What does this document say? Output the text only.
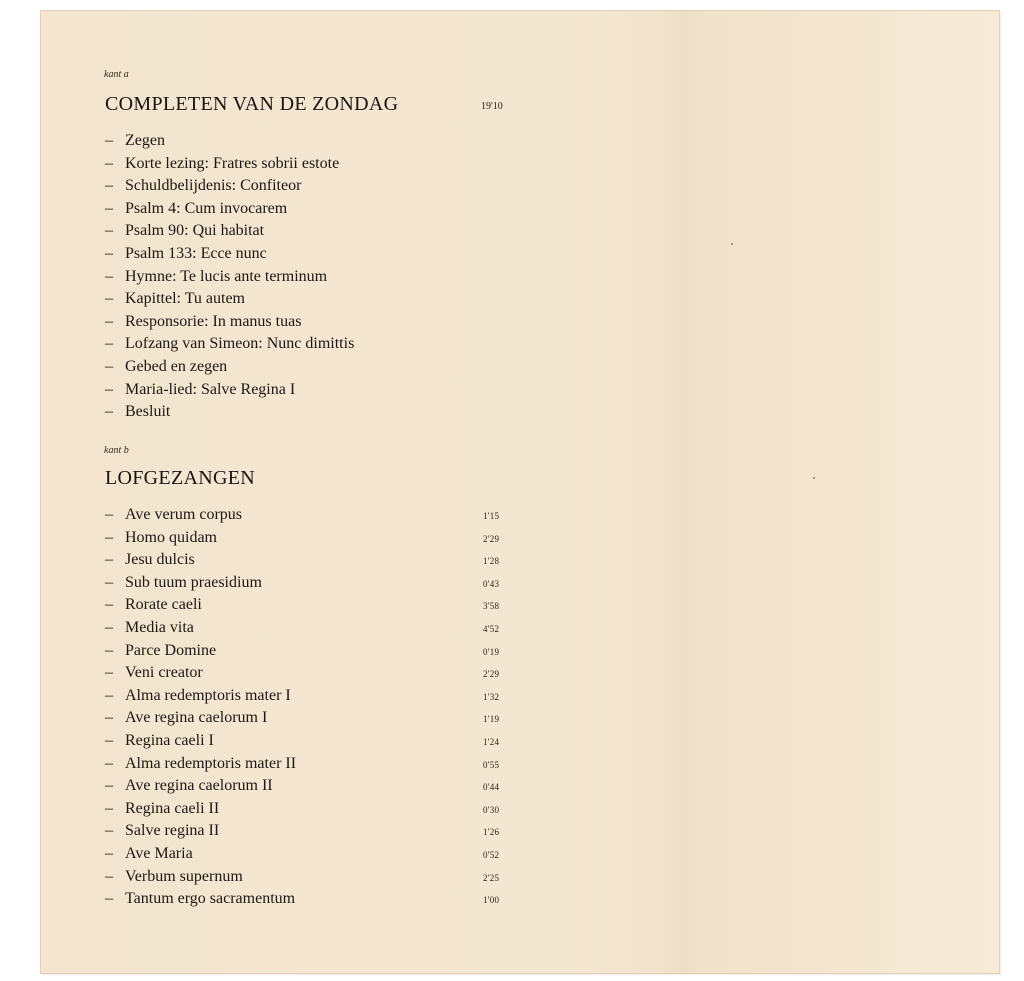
kant a
COMPLETEN VAN DE ZONDAG	19'10
– Zegen
– Korte lezing: Fratres sobrii estote
– Schuldbelijdenis: Confiteor
– Psalm 4: Cum invocarem
– Psalm 90: Qui habitat
– Psalm 133: Ecce nunc
– Hymne: Te lucis ante terminum
– Kapittel: Tu autem
– Responsorie: In manus tuas
– Lofzang van Simeon: Nunc dimittis
– Gebed en zegen
– Maria-lied: Salve Regina I
– Besluit
kant b
LOFGEZANGEN
– Ave verum corpus	1'15
– Homo quidam	2'29
– Jesu dulcis	1'28
– Sub tuum praesidium	0'43
– Rorate caeli	3'58
– Media vita	4'52
– Parce Domine	0'19
– Veni creator	2'29
– Alma redemptoris mater I	1'32
– Ave regina caelorum I	1'19
– Regina caeli I	1'24
– Alma redemptoris mater II	0'55
– Ave regina caelorum II	0'44
– Regina caeli II	0'30
– Salve regina II	1'26
– Ave Maria	0'52
– Verbum supernum	2'25
– Tantum ergo sacramentum	1'00
